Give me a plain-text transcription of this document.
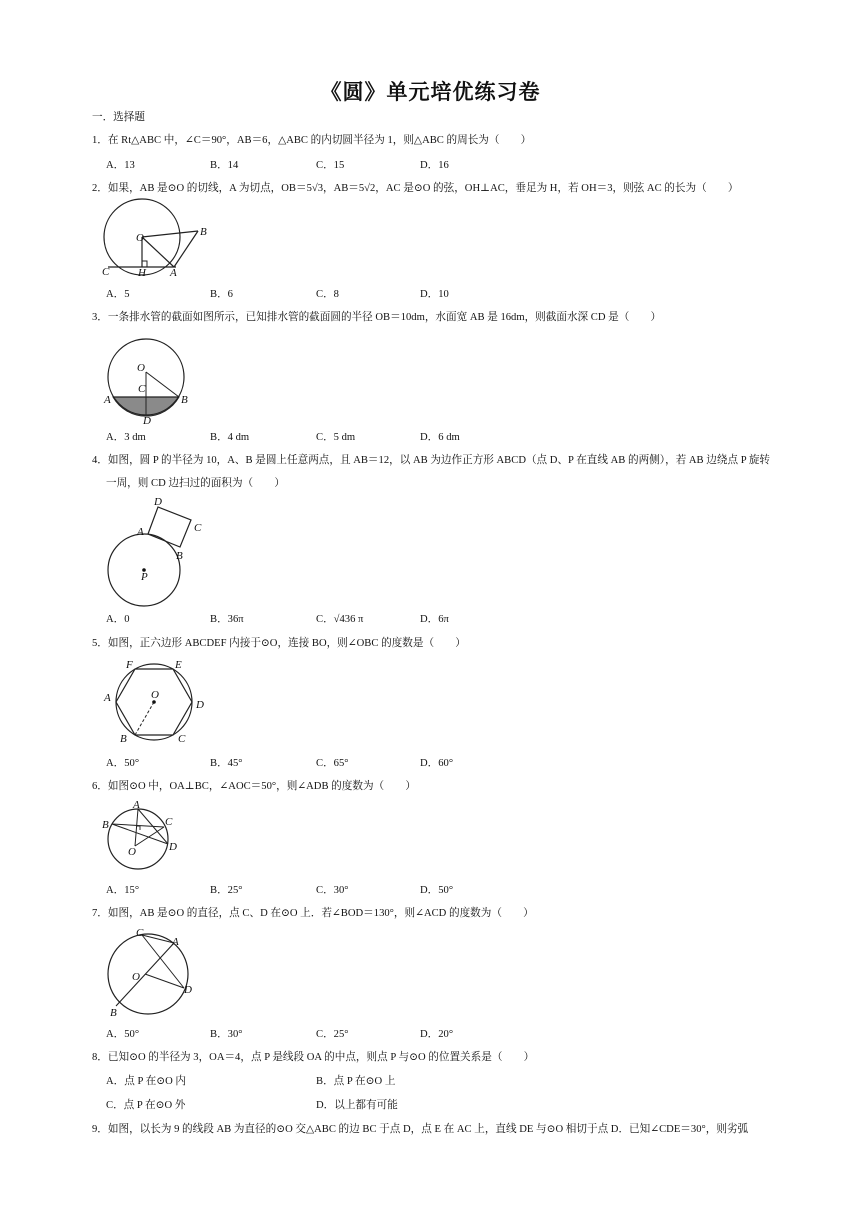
《圆》单元培优练习卷
一．选择题
1．在 Rt△ABC 中，∠C＝90°，AB＝6，△ABC 的内切圆半径为 1，则△ABC 的周长为（　　）
A．13	B．14	C．15	D．16
2．如果，AB 是⊙O 的切线，A 为切点，OB＝5√3，AB＝5√2，AC 是⊙O 的弦，OH⊥AC，垂足为 H，若 OH＝3，则弦 AC 的长为（　　）
O	B
C	H A
A．5	B．6	C．8	D．10
3．一条排水管的截面如图所示，已知排水管的截面圆的半径 OB＝10dm，水面宽 AB 是 16dm，则截面水深 CD 是（　　）
O
C
A	B
D
A．3 dm	B．4 dm	C．5 dm	D．6 dm
4．如图，圆 P 的半径为 10，A、B 是圆上任意两点，且 AB＝12，以 AB 为边作正方形 ABCD（点 D、P 在直线 AB 的两侧），若 AB 边绕点 P 旋转
一周，则 CD 边扫过的面积为（　　）
D
A	C
B
P
A．0	B．36π	C．√436 π	D．6π
5．如图，正六边形 ABCDEF 内接于⊙O，连接 BO，则∠OBC 的度数是（　　）
F	E
O
A
D
B	C
A．50°	B．45°	C．65°	D．60°
6．如图⊙O 中，OA⊥BC，∠AOC＝50°，则∠ADB 的度数为（　　）
A
B	C
O	D
A．15°	B．25°	C．30°	D．50°
7．如图，AB 是⊙O 的直径，点 C、D 在⊙O 上．若∠BOD＝130°，则∠ACD 的度数为（　　）
C
A
O
D
B
A．50°	B．30°	C．25°	D．20°
8．已知⊙O 的半径为 3，OA＝4，点 P 是线段 OA 的中点，则点 P 与⊙O 的位置关系是（　　）
A．点 P 在⊙O 内	B．点 P 在⊙O 上
C．点 P 在⊙O 外	D．以上都有可能
9．如图，以长为 9 的线段 AB 为直径的⊙O 交△ABC 的边 BC 于点 D，点 E 在 AC 上，直线 DE 与⊙O 相切于点 D．已知∠CDE＝30°，则劣弧
